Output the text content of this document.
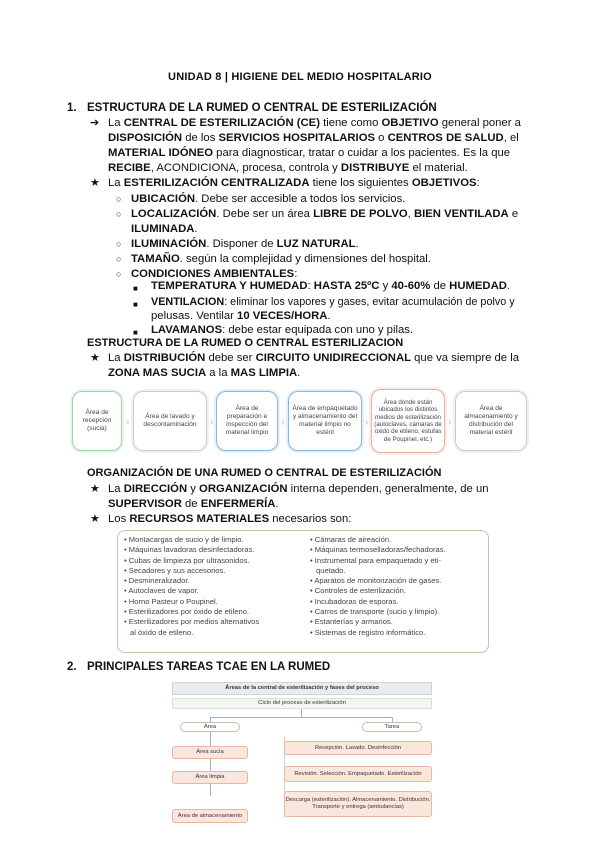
UNIDAD 8 | HIGIENE DEL MEDIO HOSPITALARIO
1. ESTRUCTURA DE LA RUMED O CENTRAL DE ESTERILIZACIÓN
➔ La CENTRAL DE ESTERILIZACIÓN (CE) tiene como OBJETIVO general poner a
DISPOSICIÓN de los SERVICIOS HOSPITALARIOS o CENTROS DE SALUD, el
MATERIAL IDÓNEO para diagnosticar, tratar o cuidar a los pacientes. Es la que
RECIBE, ACONDICIONA, procesa, controla y DISTRIBUYE el material.
★ La ESTERILIZACIÓN CENTRALIZADA tiene los siguientes OBJETIVOS:
○ UBICACIÓN. Debe ser accesible a todos los servicios.
○ LOCALIZACIÓN. Debe ser un área LIBRE DE POLVO, BIEN VENTILADA e
ILUMINADA.
○ ILUMINACIÓN. Disponer de LUZ NATURAL.
○ TAMAÑO. según la complejidad y dimensiones del hospital.
○ CONDICIONES AMBIENTALES:
■ TEMPERATURA Y HUMEDAD: HASTA 25ºC y 40-60% de HUMEDAD.
■ VENTILACION: eliminar los vapores y gases, evitar acumulación de polvo y
pelusas. Ventilar 10 VECES/HORA.
■ LAVAMANOS: debe estar equipada con uno y pilas.
ESTRUCTURA DE LA RUMED O CENTRAL ESTERILIZACION
★ La DISTRIBUCIÓN debe ser CIRCUITO UNIDIRECCIONAL que va siempre de la
ZONA MAS SUCIA a la MAS LIMPIA.
Área de recepción (sucia)
›
Área de lavado y descontaminación	›
Área de preparación e inspección del material limpio
›
Área de empaquetado y almacenamiento del material limpio no estéril
›
Área donde están ubicados los distintos medios de esterilización (autoclaves, cámaras de oxido de etileno, estufas de Poupinel, etc.)
›
Área de almacenamiento y distribución del material estéril
ORGANIZACIÓN DE UNA RUMED O CENTRAL DE ESTERILIZACIÓN
★ La DIRECCIÓN y ORGANIZACIÓN interna dependen, generalmente, de un
SUPERVISOR de ENFERMERÍA.
★ Los RECURSOS MATERIALES necesarios son:
• Montacargas de sucio y de limpio.
• Máquinas lavadoras desinfectadoras.
• Cubas de limpieza por ultrasonidos.
• Secadores y sus accesorios.
• Desmineralizador.
• Autoclaves de vapor.
• Horno Pasteur o Poupinel.
• Esterilizadores por óxido de etileno.
• Esterilizadores por medios alternativos
al óxido de etileno.
• Cámaras de aireación.
• Máquinas termoselladoras/fechadoras.
• Instrumental para empaquetado y eti-
quetado.
• Aparatos de monitorización de gases.
• Controles de esterilización.
• Incubadoras de esporas.
• Carros de transporte (sucio y limpio).
• Estanterías y armarios.
• Sistemas de registro informático.
2. PRINCIPALES TAREAS TCAE EN LA RUMED
Áreas de la central de esterilización y fases del proceso
Ciclo del proceso de esterilización
Área	Tarea
Área sucia
Área limpia
Área de almacenamiento
Recepción. Lavado. Desinfección
Revisión. Selección. Empaquetado. Esterilización
Descarga (esterilización). Almacenamiento. Distribución. Transporte y entrega (ambulancias)
